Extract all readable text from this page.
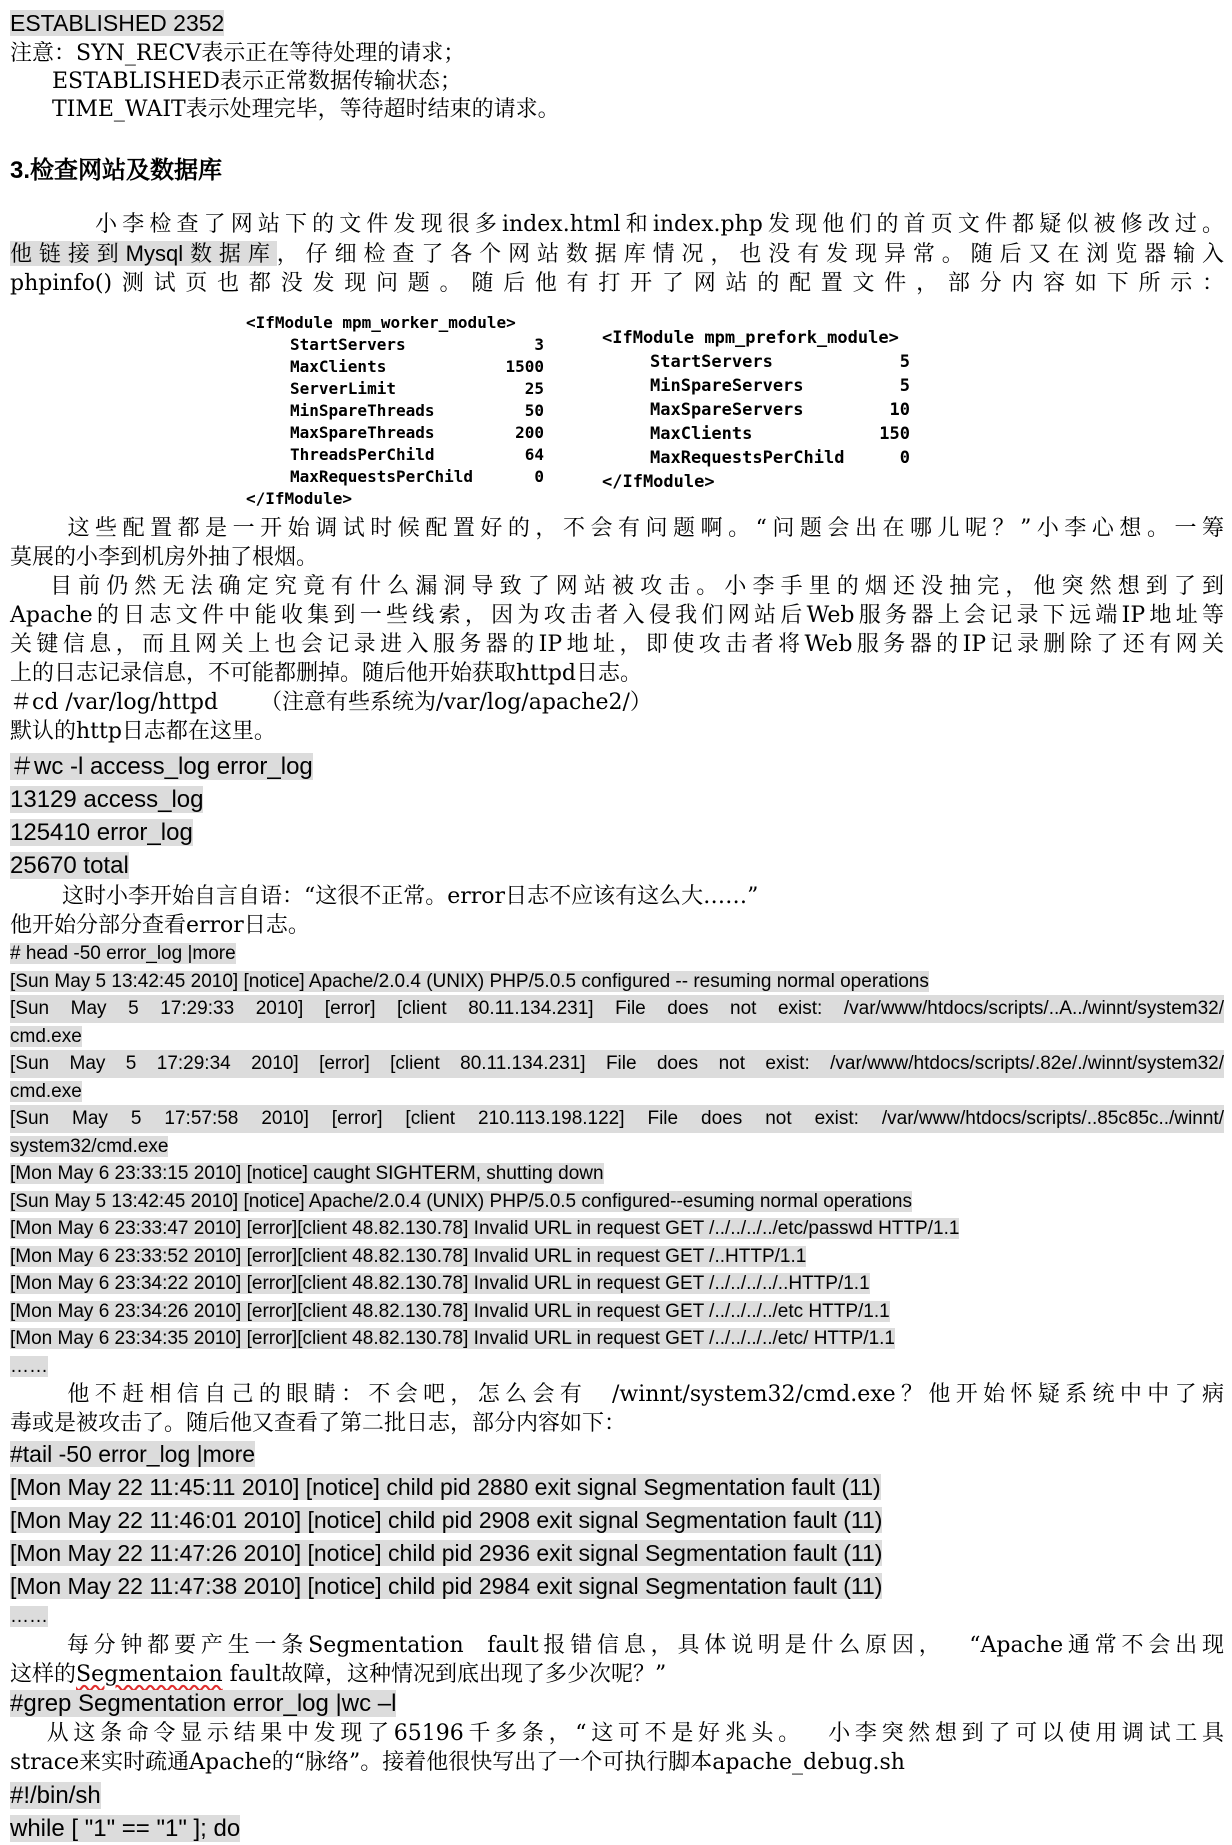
ESTABLISHED 2352
注意：SYN_RECV表示正在等待处理的请求；
ESTABLISHED表示正常数据传输状态；
TIME_WAIT表示处理完毕，等待超时结束的请求。
3.检查网站及数据库
小李检查了网站下的文件发现很多index.html和index.php发现他们的首页文件都疑似被修改过。
他链接到Mysql数据库，仔细检查了各个网站数据库情况，也没有发现异常。随后又在浏览器输入
phpinfo()测试页也都没发现问题。随后他有打开了网站的配置文件，部分内容如下所示：
<IfModule mpm_worker_module>
StartServers	3
MaxClients	1500
ServerLimit	25
MinSpareThreads	50
MaxSpareThreads	200
ThreadsPerChild	64
MaxRequestsPerChild	0
</IfModule>
<IfModule mpm_prefork_module>
StartServers	5
MinSpareServers	5
MaxSpareServers	10
MaxClients	150
MaxRequestsPerChild	0
</IfModule>
这些配置都是一开始调试时候配置好的，不会有问题啊。“问题会出在哪儿呢？”小李心想。一筹
莫展的小李到机房外抽了根烟。
目前仍然无法确定究竟有什么漏洞导致了网站被攻击。小李手里的烟还没抽完，他突然想到了到
Apache的日志文件中能收集到一些线索，因为攻击者入侵我们网站后Web服务器上会记录下远端IP地址等
关键信息，而且网关上也会记录进入服务器的IP地址，即使攻击者将Web服务器的IP记录删除了还有网关
上的日志记录信息，不可能都删掉。随后他开始获取httpd日志。
＃cd /var/log/httpd      （注意有些系统为/var/log/apache2/）
默认的http日志都在这里。
＃wc -l access_log error_log
13129 access_log
125410 error_log
25670 total
这时小李开始自言自语：“这很不正常。error日志不应该有这么大……”
他开始分部分查看error日志。
# head -50 error_log |more
[Sun May 5 13:42:45 2010] [notice] Apache/2.0.4 (UNIX) PHP/5.0.5 configured -- resuming normal operations
[Sun May 5 17:29:33 2010] [error] [client 80.11.134.231] File does not exist: /var/www/htdocs/scripts/..A../winnt/system32/
cmd.exe
[Sun May 5 17:29:34 2010] [error] [client 80.11.134.231] File does not exist: /var/www/htdocs/scripts/.82e/./winnt/system32/
cmd.exe
[Sun May 5 17:57:58 2010] [error] [client 210.113.198.122] File does not exist: /var/www/htdocs/scripts/..85c85c../winnt/
system32/cmd.exe
[Mon May 6 23:33:15 2010] [notice] caught SIGHTERM, shutting down
[Sun May 5 13:42:45 2010] [notice] Apache/2.0.4 (UNIX) PHP/5.0.5 configured--esuming normal operations
[Mon May 6 23:33:47 2010] [error][client 48.82.130.78] Invalid URL in request GET /../../../../etc/passwd HTTP/1.1
[Mon May 6 23:33:52 2010] [error][client 48.82.130.78] Invalid URL in request GET /..HTTP/1.1
[Mon May 6 23:34:22 2010] [error][client 48.82.130.78] Invalid URL in request GET /../../../../..HTTP/1.1
[Mon May 6 23:34:26 2010] [error][client 48.82.130.78] Invalid URL in request GET /../../../../etc HTTP/1.1
[Mon May 6 23:34:35 2010] [error][client 48.82.130.78] Invalid URL in request GET /../../../../etc/ HTTP/1.1
……
他不赶相信自己的眼睛：不会吧，怎么会有  /winnt/system32/cmd.exe？他开始怀疑系统中中了病
毒或是被攻击了。随后他又查看了第二批日志，部分内容如下：
#tail -50 error_log |more
[Mon May 22 11:45:11 2010] [notice] child pid 2880 exit signal Segmentation fault (11)
[Mon May 22 11:46:01 2010] [notice] child pid 2908 exit signal Segmentation fault (11)
[Mon May 22 11:47:26 2010] [notice] child pid 2936 exit signal Segmentation fault (11)
[Mon May 22 11:47:38 2010] [notice] child pid 2984 exit signal Segmentation fault (11)
……
每分钟都要产生一条Segmentation  fault报错信息，具体说明是什么原因，  “Apache通常不会出现
这样的Segmentaion fault故障，这种情况到底出现了多少次呢？”
#grep Segmentation error_log |wc –l
从这条命令显示结果中发现了65196千多条，“这可不是好兆头。  小李突然想到了可以使用调试工具
strace来实时疏通Apache的“脉络”。接着他很快写出了一个可执行脚本apache_debug.sh
#!/bin/sh
while [ "1" == "1" ]; do
